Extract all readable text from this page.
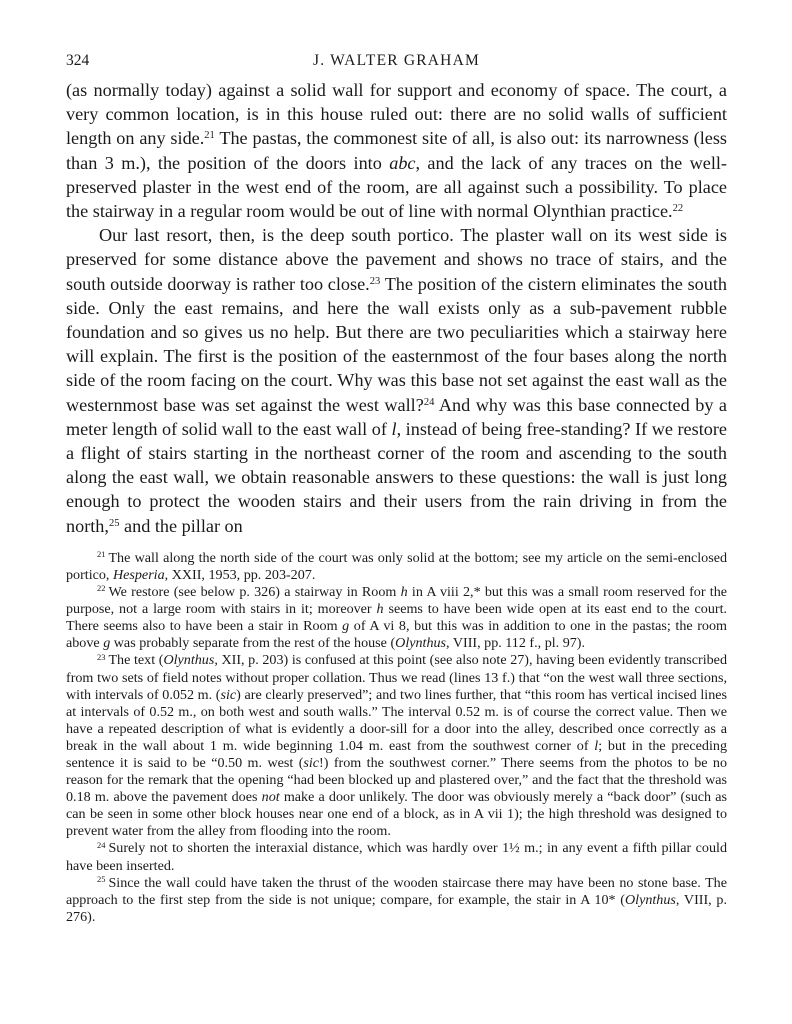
324	J. WALTER GRAHAM

(as normally today) against a solid wall for support and economy of space. The court, a very common location, is in this house ruled out: there are no solid walls of sufficient length on any side.$^{21}$ The pastas, the commonest site of all, is also out: its narrowness (less than 3 m.), the position of the doors into abc, and the lack of any traces on the well-preserved plaster in the west end of the room, are all against such a possibility. To place the stairway in a regular room would be out of line with normal Olynthian practice.$^{22}$

Our last resort, then, is the deep south portico. The plaster wall on its west side is preserved for some distance above the pavement and shows no trace of stairs, and the south outside doorway is rather too close.$^{23}$ The position of the cistern eliminates the south side. Only the east remains, and here the wall exists only as a sub-pavement rubble foundation and so gives us no help. But there are two peculiarities which a stairway here will explain. The first is the position of the easternmost of the four bases along the north side of the room facing on the court. Why was this base not set against the east wall as the westernmost base was set against the west wall?$^{24}$ And why was this base connected by a meter length of solid wall to the east wall of l, instead of being free-standing? If we restore a flight of stairs starting in the northeast corner of the room and ascending to the south along the east wall, we obtain reasonable answers to these questions: the wall is just long enough to protect the wooden stairs and their users from the rain driving in from the north,$^{25}$ and the pillar on

$^{21}$ The wall along the north side of the court was only solid at the bottom; see my article on the semi-enclosed portico, Hesperia, XXII, 1953, pp. 203-207.

$^{22}$ We restore (see below p. 326) a stairway in Room h in A viii 2,* but this was a small room reserved for the purpose, not a large room with stairs in it; moreover h seems to have been wide open at its east end to the court. There seems also to have been a stair in Room g of A vi 8, but this was in addition to one in the pastas; the room above g was probably separate from the rest of the house (Olynthus, VIII, pp. 112 f., pl. 97).

$^{23}$ The text (Olynthus, XII, p. 203) is confused at this point (see also note 27), having been evidently transcribed from two sets of field notes without proper collation. Thus we read (lines 13 f.) that “on the west wall three sections, with intervals of 0.052 m. (sic) are clearly preserved”; and two lines further, that “this room has vertical incised lines at intervals of 0.52 m., on both west and south walls.” The interval 0.52 m. is of course the correct value. Then we have a repeated description of what is evidently a door-sill for a door into the alley, described once correctly as a break in the wall about 1 m. wide beginning 1.04 m. east from the southwest corner of l; but in the preceding sentence it is said to be “0.50 m. west (sic!) from the southwest corner.” There seems from the photos to be no reason for the remark that the opening “had been blocked up and plastered over,” and the fact that the threshold was 0.18 m. above the pavement does not make a door unlikely. The door was obviously merely a “back door” (such as can be seen in some other block houses near one end of a block, as in A vii 1); the high threshold was designed to prevent water from the alley from flooding into the room.

$^{24}$ Surely not to shorten the interaxial distance, which was hardly over 1½ m.; in any event a fifth pillar could have been inserted.

$^{25}$ Since the wall could have taken the thrust of the wooden staircase there may have been no stone base. The approach to the first step from the side is not unique; compare, for example, the stair in A 10* (Olynthus, VIII, p. 276).
